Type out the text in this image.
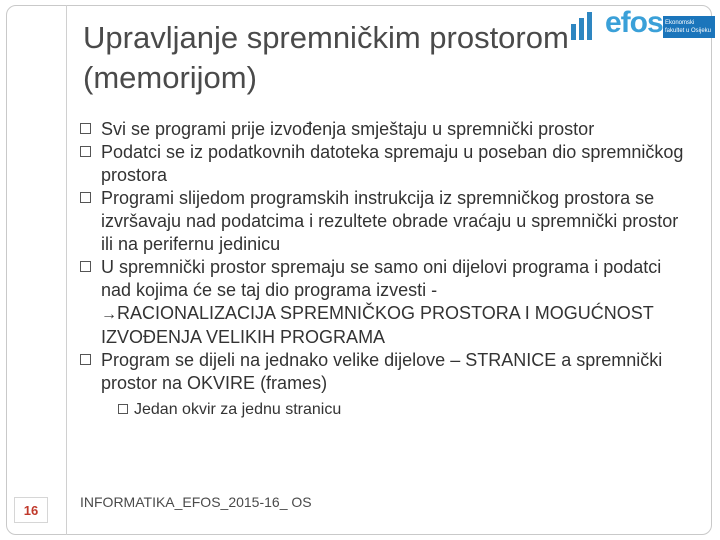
Upravljanje spremničkim prostorom
(memorijom)
efos Ekonomski fakultet u Osijeku
Svi se programi prije izvođenja smještaju u spremnički prostor
Podatci se iz podatkovnih datoteka spremaju u poseban dio spremničkog prostora
Programi slijedom programskih instrukcija iz spremničkog prostora se izvršavaju nad podatcima i rezultete obrade vraćaju u spremnički prostor ili na perifernu jedinicu
U spremnički prostor spremaju se samo oni dijelovi programa i podatci nad kojima će se taj dio programa izvesti -
→RACIONALIZACIJA SPREMNIČKOG PROSTORA I MOGUĆNOST IZVOĐENJA VELIKIH PROGRAMA
Program se dijeli na jednako velike dijelove – STRANICE a spremnički prostor na OKVIRE (frames)
Jedan okvir za jednu stranicu
16
INFORMATIKA_EFOS_2015-16_ OS
